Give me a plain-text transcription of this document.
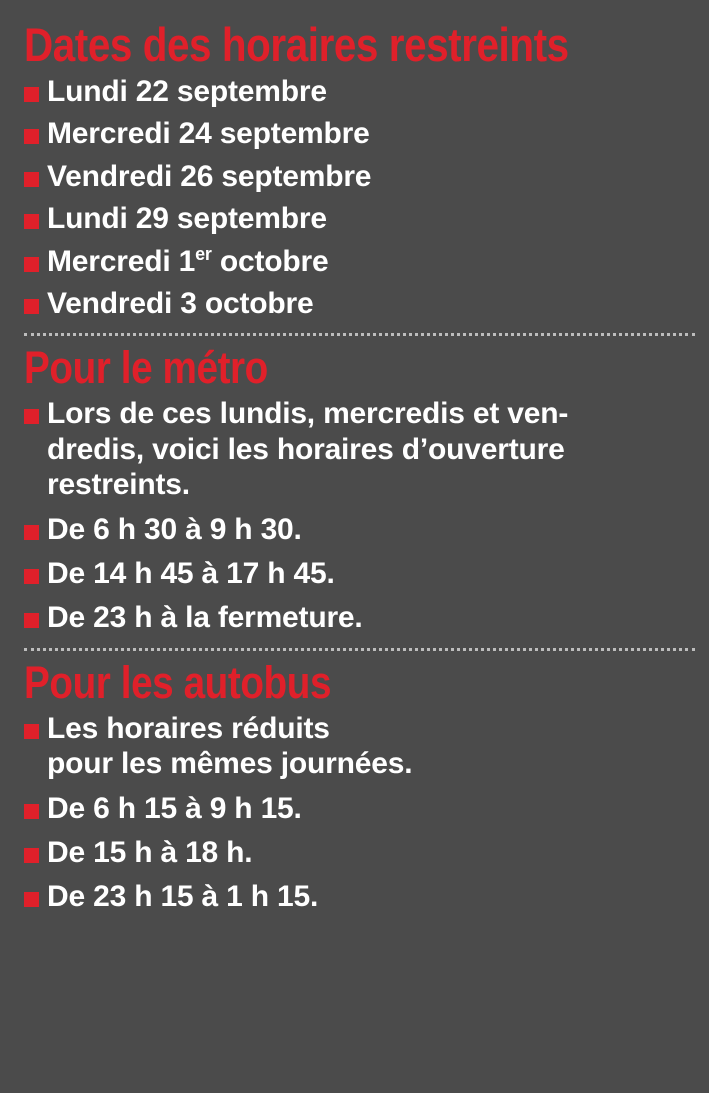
Dates des horaires restreints
Lundi 22 septembre
Mercredi 24 septembre
Vendredi 26 septembre
Lundi 29 septembre
Mercredi 1er octobre
Vendredi 3 octobre
Pour le métro
Lors de ces lundis, mercredis et ven-
dredis, voici les horaires d’ouverture
restreints.
De 6 h 30 à 9 h 30.
De 14 h 45 à 17 h 45.
De 23 h à la fermeture.
Pour les autobus
Les horaires réduits
pour les mêmes journées.
De 6 h 15 à 9 h 15.
De 15 h à 18 h.
De 23 h 15 à 1 h 15.
